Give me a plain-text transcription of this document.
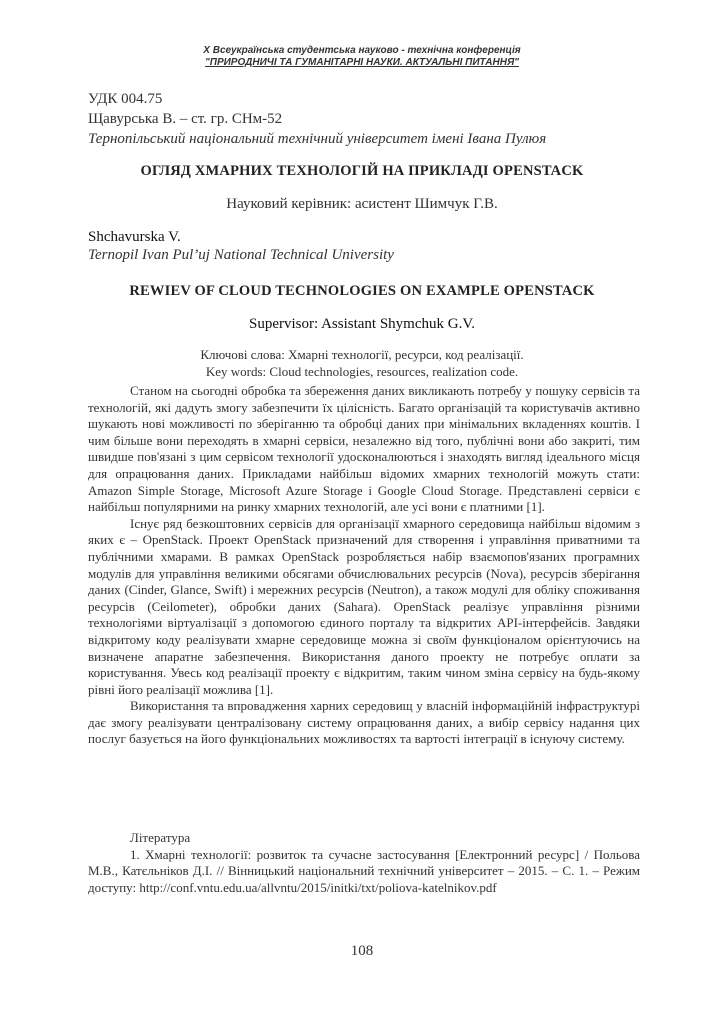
X Всеукраїнська студентська науково - технічна конференція
"ПРИРОДНИЧІ ТА ГУМАНІТАРНІ НАУКИ. АКТУАЛЬНІ ПИТАННЯ"
УДК 004.75
Щавурська В. – ст. гр. СНм-52
Тернопільський національний технічний університет імені Івана Пулюя
ОГЛЯД ХМАРНИХ ТЕХНОЛОГІЙ НА ПРИКЛАДІ OPENSTACK
Науковий керівник: асистент Шимчук Г.В.
Shchavurska V.
Ternopil Ivan Pul’uj National Technical University
REWIEV OF CLOUD TECHNOLOGIES ON EXAMPLE OPENSTACK
Supervisor: Assistant Shymchuk G.V.
Ключові слова: Хмарні технології, ресурси, код реалізації.
Key words: Cloud technologies, resources, realization code.

Станом на сьогодні обробка та збереження даних викликають потребу у пошуку сервісів та технологій, які дадуть змогу забезпечити їх цілісність. Багато організацій та користувачів активно шукають нові можливості по зберіганню та обробці даних при мінімальних вкладеннях коштів. І чим більше вони переходять в хмарні сервіси, незалежно від того, публічні вони або закриті, тим швидше пов'язані з цим сервісом технології удосконалюються і знаходять вигляд ідеального місця для опрацювання даних. Прикладами найбільш відомих хмарних технологій можуть стати: Amazon Simple Storage, Microsoft Azure Storage і Google Cloud Storage. Представлені сервіси є найбільш популярними на ринку хмарних технологій, але усі вони є платними [1].

Існує ряд безкоштовних сервісів для організації хмарного середовища найбільш відомим з яких є – OpenStack. Проект OpenStack призначений для створення і управління приватними та публічними хмарами. В рамках OpenStack розробляється набір взаємопов'язаних програмних модулів для управління великими обсягами обчислювальних ресурсів (Nova), ресурсів зберігання даних (Cinder, Glance, Swift) і мережних ресурсів (Neutron), а також модулі для обліку споживання ресурсів (Ceilometer), обробки даних (Sahara). OpenStack реалізує управління різними технологіями віртуалізації з допомогою єдиного порталу та відкритих API-інтерфейсів. Завдяки відкритому коду реалізувати хмарне середовище можна зі своїм функціоналом орієнтуючись на визначене апаратне забезпечення. Використання даного проекту не потребує оплати за користування. Увесь код реалізації проекту є відкритим, таким чином зміна сервісу на будь-якому рівні його реалізації можлива [1].

Використання та впровадження харних середовищ у власній інформаційній інфраструктурі дає змогу реалізувати централізовану систему опрацювання даних, а вибір сервісу надання цих послуг базується на його функціональних можливостях та вартості інтеграції в існуючу систему.

Література

1. Хмарні технології: розвиток та сучасне застосування [Електронний ресурс] / Польова М.В., Катєльніков Д.І. // Вінницький національний технічний університет – 2015. – С. 1. – Режим доступу: http://conf.vntu.edu.ua/allvntu/2015/initki/txt/poliova-katelnikov.pdf

108
